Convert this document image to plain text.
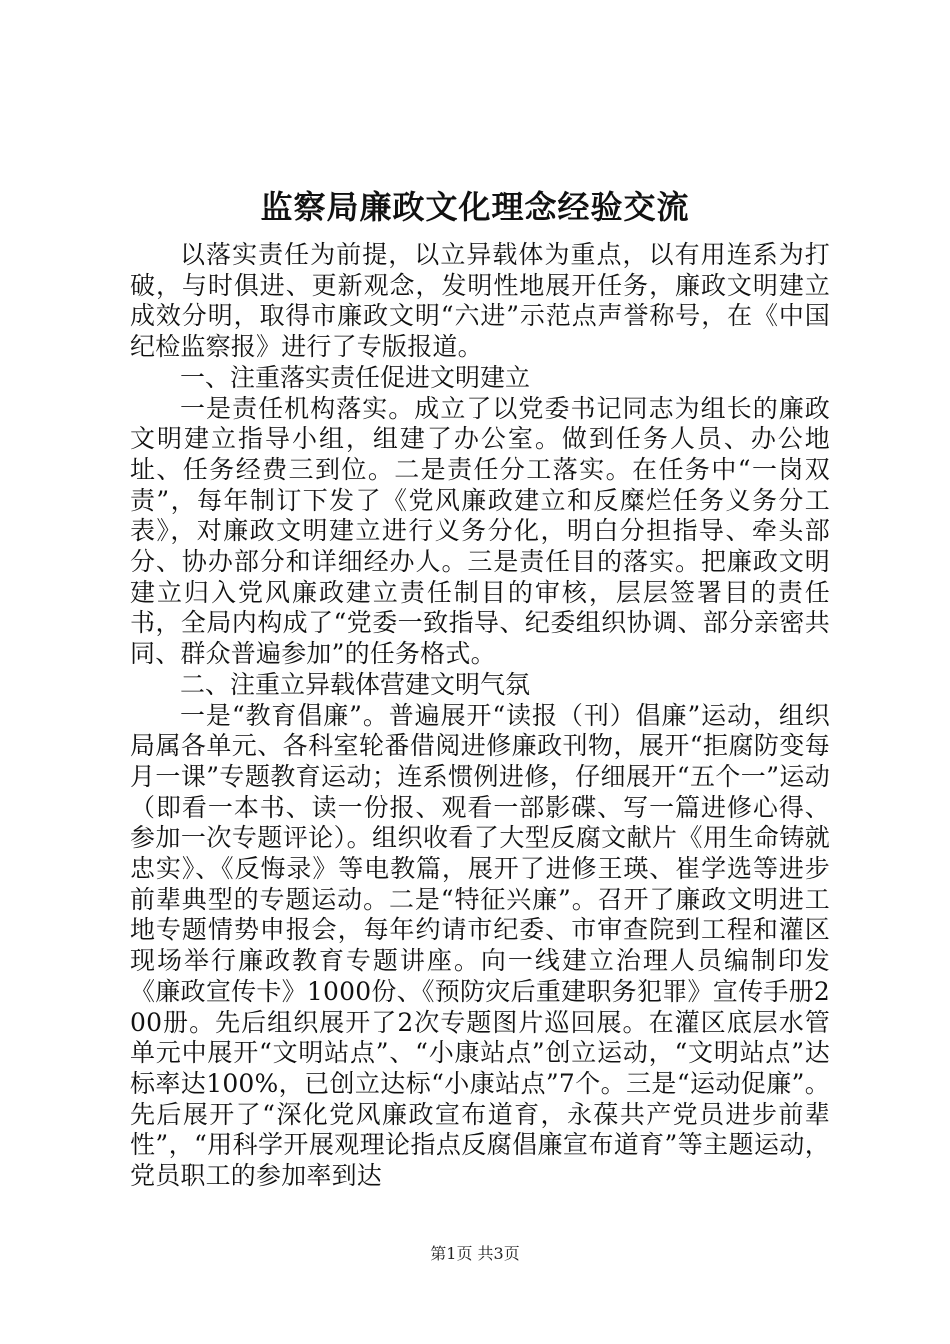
监察局廉政文化理念经验交流

以落实责任为前提，以立异载体为重点，以有用连系为打破，与时俱进、更新观念，发明性地展开任务，廉政文明建立成效分明，取得市廉政文明“六进”示范点声誉称号，在《中国纪检监察报》进行了专版报道。

一、注重落实责任促进文明建立

一是责任机构落实。成立了以党委书记同志为组长的廉政文明建立指导小组，组建了办公室。做到任务人员、办公地址、任务经费三到位。二是责任分工落实。在任务中“一岗双责”，每年制订下发了《党风廉政建立和反糜烂任务义务分工表》，对廉政文明建立进行义务分化，明白分担指导、牵头部分、协办部分和详细经办人。三是责任目的落实。把廉政文明建立归入党风廉政建立责任制目的审核，层层签署目的责任书，全局内构成了“党委一致指导、纪委组织协调、部分亲密共同、群众普遍参加”的任务格式。

二、注重立异载体营建文明气氛

一是“教育倡廉”。普遍展开“读报（刊）倡廉”运动，组织局属各单元、各科室轮番借阅进修廉政刊物，展开“拒腐防变每月一课”专题教育运动；连系惯例进修，仔细展开“五个一”运动（即看一本书、读一份报、观看一部影碟、写一篇进修心得、参加一次专题评论）。组织收看了大型反腐文献片《用生命铸就忠实》、《反悔录》等电教篇，展开了进修王瑛、崔学选等进步前辈典型的专题运动。二是“特征兴廉”。召开了廉政文明进工地专题情势申报会，每年约请市纪委、市审查院到工程和灌区现场举行廉政教育专题讲座。向一线建立治理人员编制印发《廉政宣传卡》1000份、《预防灾后重建职务犯罪》宣传手册200册。先后组织展开了2次专题图片巡回展。在灌区底层水管单元中展开“文明站点”、“小康站点”创立运动，“文明站点”达标率达100%，已创立达标“小康站点”7个。三是“运动促廉”。先后展开了“深化党风廉政宣布道育，永葆共产党员进步前辈性”，“用科学开展观理论指点反腐倡廉宣布道育”等主题运动，党员职工的参加率到达

第1页 共3页
